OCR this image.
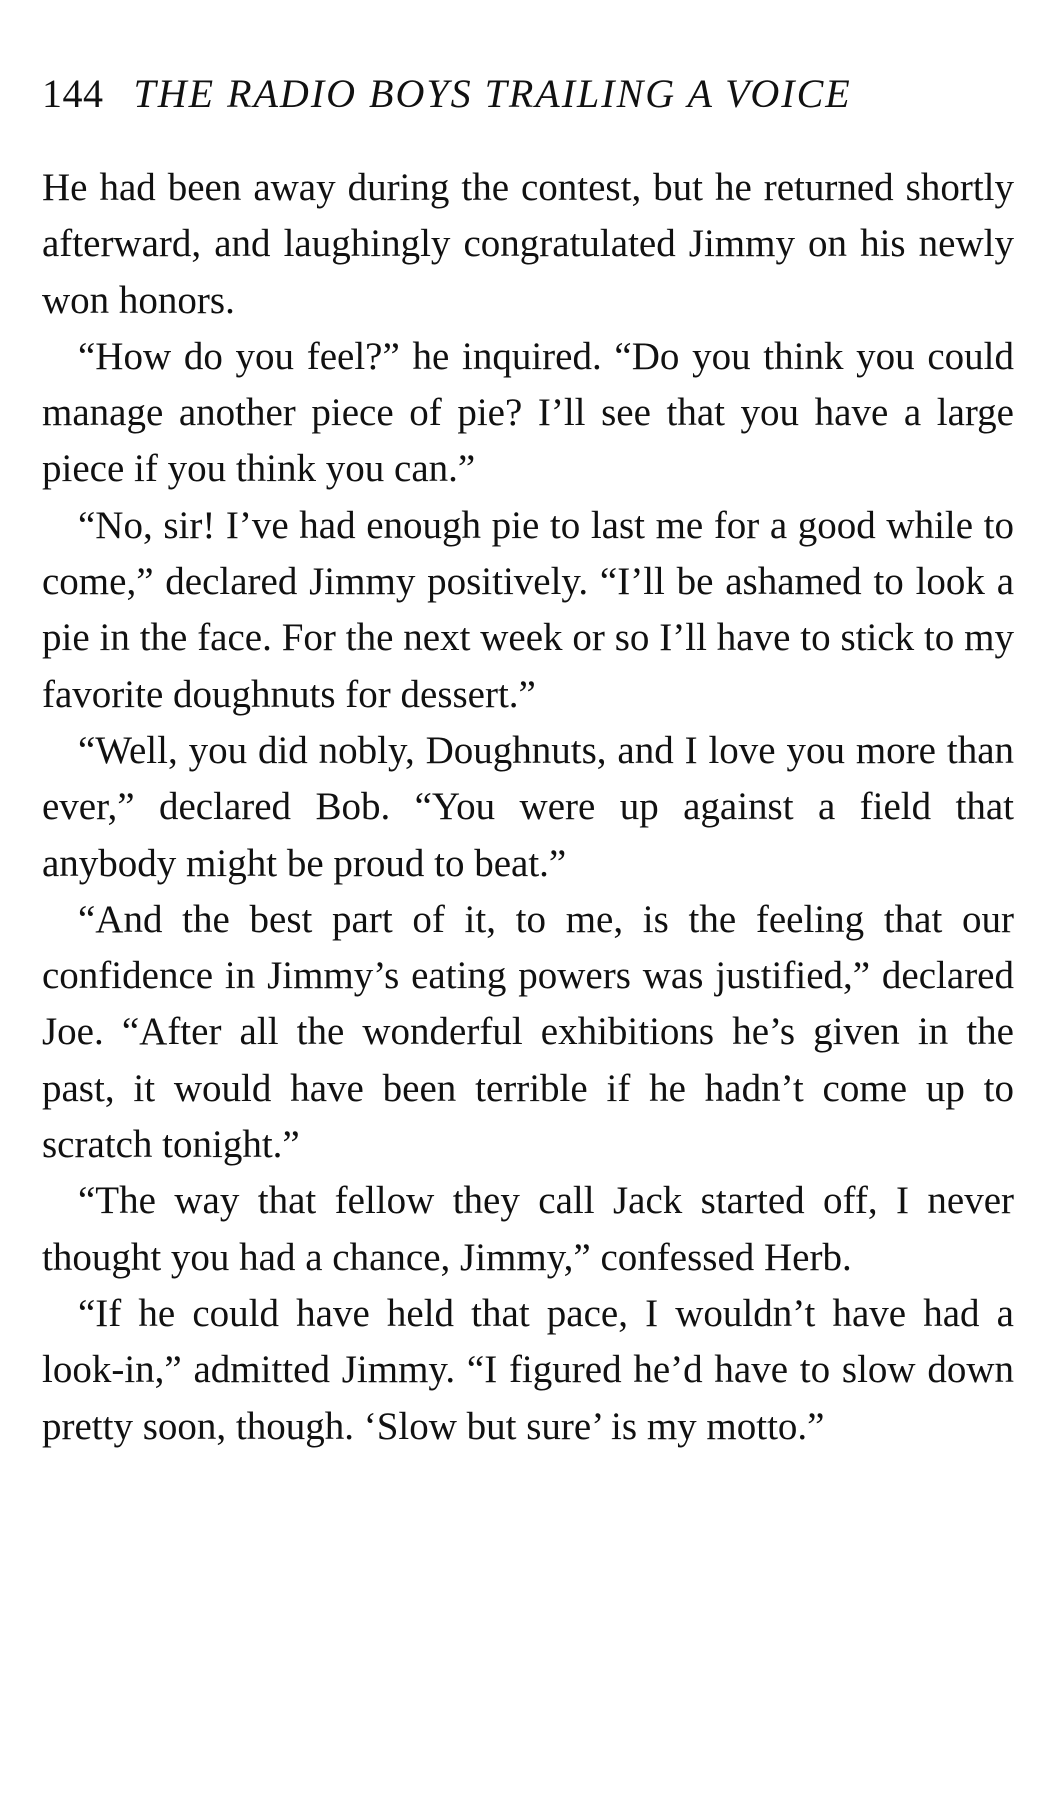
144 THE RADIO BOYS TRAILING A VOICE

He had been away during the contest, but he returned shortly afterward, and laughingly congratulated Jimmy on his newly won honors.

“How do you feel?” he inquired. “Do you think you could manage another piece of pie? I’ll see that you have a large piece if you think you can.”

“No, sir! I’ve had enough pie to last me for a good while to come,” declared Jimmy positively. “I’ll be ashamed to look a pie in the face. For the next week or so I’ll have to stick to my favorite doughnuts for dessert.”

“Well, you did nobly, Doughnuts, and I love you more than ever,” declared Bob. “You were up against a field that anybody might be proud to beat.”

“And the best part of it, to me, is the feeling that our confidence in Jimmy’s eating powers was justified,” declared Joe. “After all the wonderful exhibitions he’s given in the past, it would have been terrible if he hadn’t come up to scratch tonight.”

“The way that fellow they call Jack started off, I never thought you had a chance, Jimmy,” confessed Herb.

“If he could have held that pace, I wouldn’t have had a look-in,” admitted Jimmy. “I figured he’d have to slow down pretty soon, though. ‘Slow but sure’ is my motto.”
